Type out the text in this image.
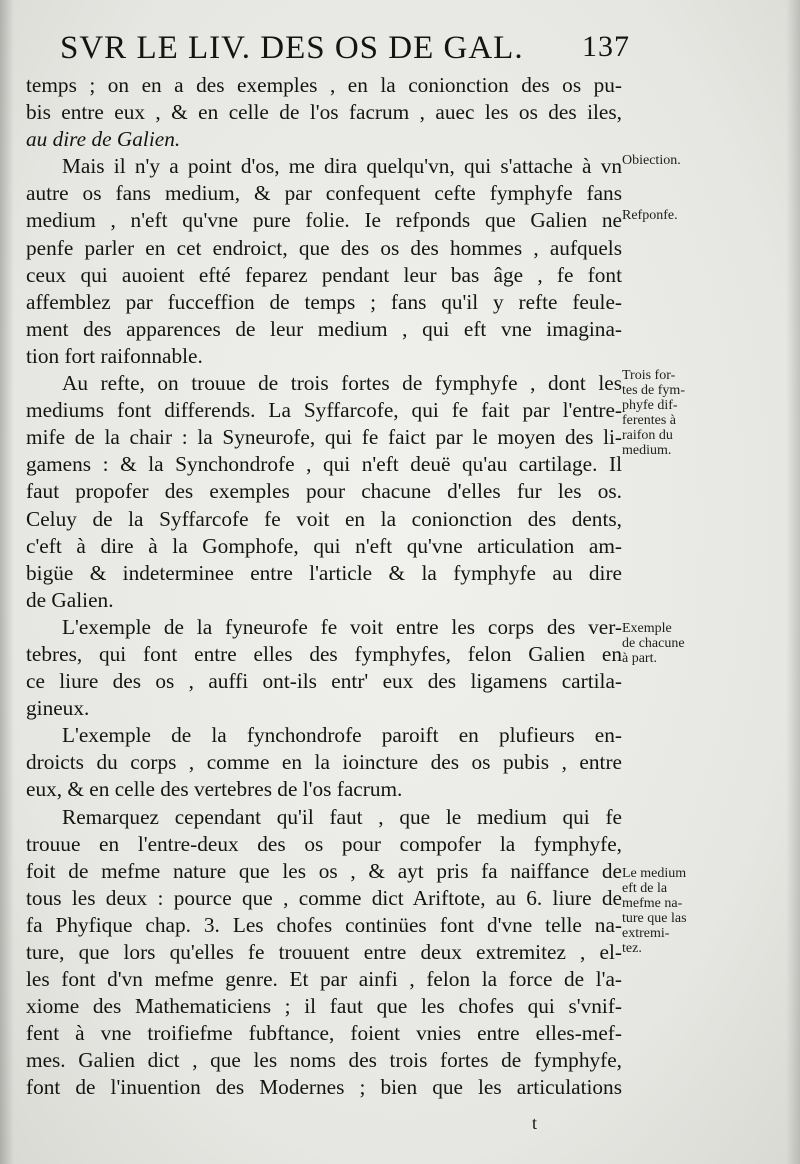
SVR LE LIV. DES OS DE GAL. 137
temps ; on en a des exemples , en la conionction des os pu-
bis entre eux , & en celle de l'os facrum , auec les os des iles,
au dire de Galien.
Mais il n'y a point d'os, me dira quelqu'vn, qui s'attache à vn
autre os fans medium, & par confequent cefte fymphyfe fans
medium , n'eft qu'vne pure folie. Ie refponds que Galien ne
penfe parler en cet endroict, que des os des hommes , aufquels
ceux qui auoient efté feparez pendant leur bas âge , fe font
affemblez par fucceffion de temps ; fans qu'il y refte feule-
ment des apparences de leur medium , qui eft vne imagina-
tion fort raifonnable.
Au refte, on trouue de trois fortes de fymphyfe , dont les
mediums font differends. La Syffarcofe, qui fe fait par l'entre-
mife de la chair : la Syneurofe, qui fe faict par le moyen des li-
gamens : & la Synchondrofe , qui n'eft deuë qu'au cartilage. Il
faut propofer des exemples pour chacune d'elles fur les os.
Celuy de la Syffarcofe fe voit en la conionction des dents,
c'eft à dire à la Gomphofe, qui n'eft qu'vne articulation am-
bigüe & indeterminee entre l'article & la fymphyfe au dire
de Galien.
L'exemple de la fyneurofe fe voit entre les corps des ver-
tebres, qui font entre elles des fymphyfes, felon Galien en
ce liure des os , auffi ont-ils entr' eux des ligamens cartila-
gineux.
L'exemple de la fynchondrofe paroift en plufieurs en-
droicts du corps , comme en la ioincture des os pubis , entre
eux, & en celle des vertebres de l'os facrum.
Remarquez cependant qu'il faut , que le medium qui fe
trouue en l'entre-deux des os pour compofer la fymphyfe,
foit de mefme nature que les os , & ayt pris fa naiffance de
tous les deux : pource que , comme dict Ariftote, au 6. liure de
fa Phyfique chap. 3. Les chofes continües font d'vne telle na-
ture, que lors qu'elles fe trouuent entre deux extremitez , el-
les font d'vn mefme genre. Et par ainfi , felon la force de l'a-
xiome des Mathematiciens ; il faut que les chofes qui s'vnif-
fent à vne troifiefme fubftance, foient vnies entre elles-mef-
mes. Galien dict , que les noms des trois fortes de fymphyfe,
font de l'inuention des Modernes ; bien que les articulations
Obiection.
Refponfe.
Trois for-
tes de fym-
phyfe dif-
ferentes à
raifon du
medium.
Exemple
de chacune
à part.
Le medium
eft de la
mefme na-
ture que las
extremi-
tez.
t
